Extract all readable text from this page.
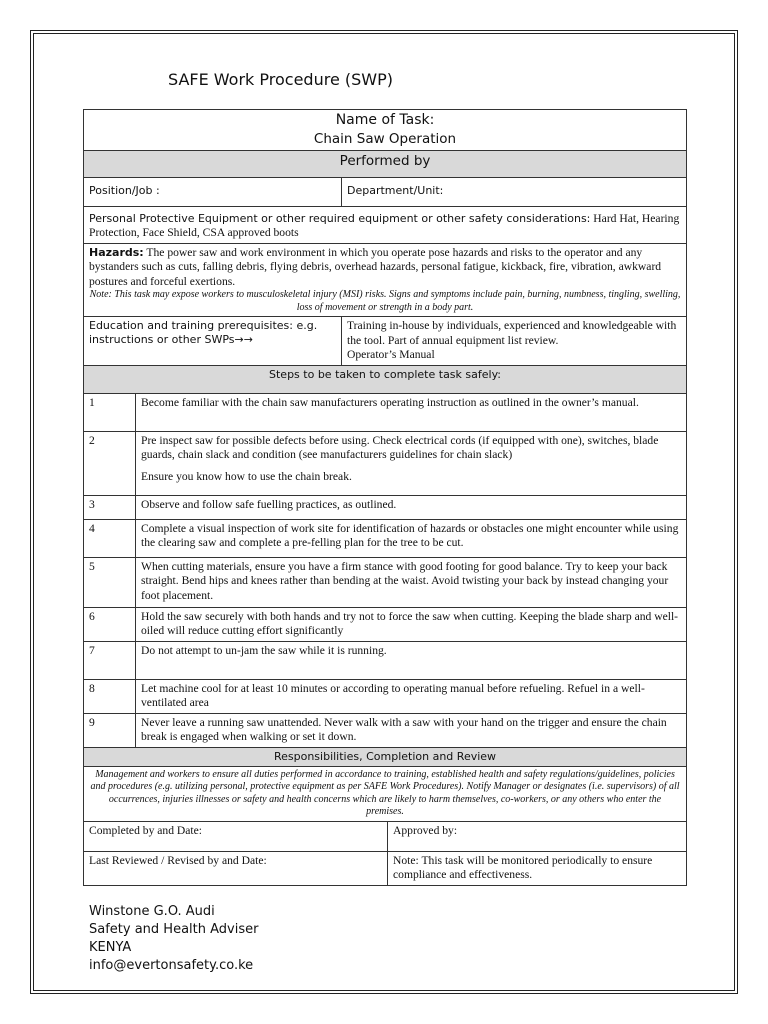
SAFE Work Procedure (SWP)
Name of Task:
Chain Saw Operation			

Performed by			
Position/Job :		Department/Unit:	
Personal Protective Equipment or other required equipment or other safety considerations: Hard Hat, Hearing Protection, Face Shield, CSA approved boots			
Hazards: The power saw and work environment in which you operate pose hazards and risks to the operator and any bystanders such as cuts, falling debris, flying debris, overhead hazards, personal fatigue, kickback, fire, vibration, awkward postures and forceful exertions.
Note: This task may expose workers to musculoskeletal injury (MSI) risks. Signs and symptoms include pain, burning, numbness, tingling, swelling, loss of movement or strength in a body part.			

Education and training prerequisites: e.g. instructions or other SWPs→→		Training in-house by individuals, experienced and knowledgeable with the tool. Part of annual equipment list review.
Operator’s Manual	

Steps to be taken to complete task safely:			
1	Become familiar with the chain saw manufacturers operating instruction as outlined in the owner’s manual.		
2	Pre inspect saw for possible defects before using. Check electrical cords (if equipped with one), switches, blade guards, chain slack and condition (see manufacturers guidelines for chain slack)
Ensure you know how to use the chain break.		

3	Observe and follow safe fuelling practices, as outlined.		
4	Complete a visual inspection of work site for identification of hazards or obstacles one might encounter while using the clearing saw and complete a pre-felling plan for the tree to be cut.		
5	When cutting materials, ensure you have a firm stance with good footing for good balance. Try to keep your back straight. Bend hips and knees rather than bending at the waist. Avoid twisting your back by instead changing your foot placement.		
6	Hold the saw securely with both hands and try not to force the saw when cutting. Keeping the blade sharp and well-oiled will reduce cutting effort significantly		
7	Do not attempt to un-jam the saw while it is running.		
8	Let machine cool for at least 10 minutes or according to operating manual before refueling. Refuel in a well-ventilated area		
9	Never leave a running saw unattended. Never walk with a saw with your hand on the trigger and ensure the chain break is engaged when walking or set it down.		
Responsibilities, Completion and Review			

Management and workers to ensure all duties performed in accordance to training, established health and safety regulations/guidelines, policies and procedures (e.g. utilizing personal, protective equipment as per SAFE Work Procedures). Notify Manager or designates (i.e. supervisors) of all occurrences, injuries illnesses or safety and health concerns which are likely to harm themselves, co-workers, or any others who enter the premises.			

Completed by and Date:			Approved by:
Last Reviewed / Revised by and Date:			Note: This task will be monitored periodically to ensure compliance and effectiveness.
Winstone G.O. Audi
Safety and Health Adviser
KENYA
info@evertonsafety.co.ke
